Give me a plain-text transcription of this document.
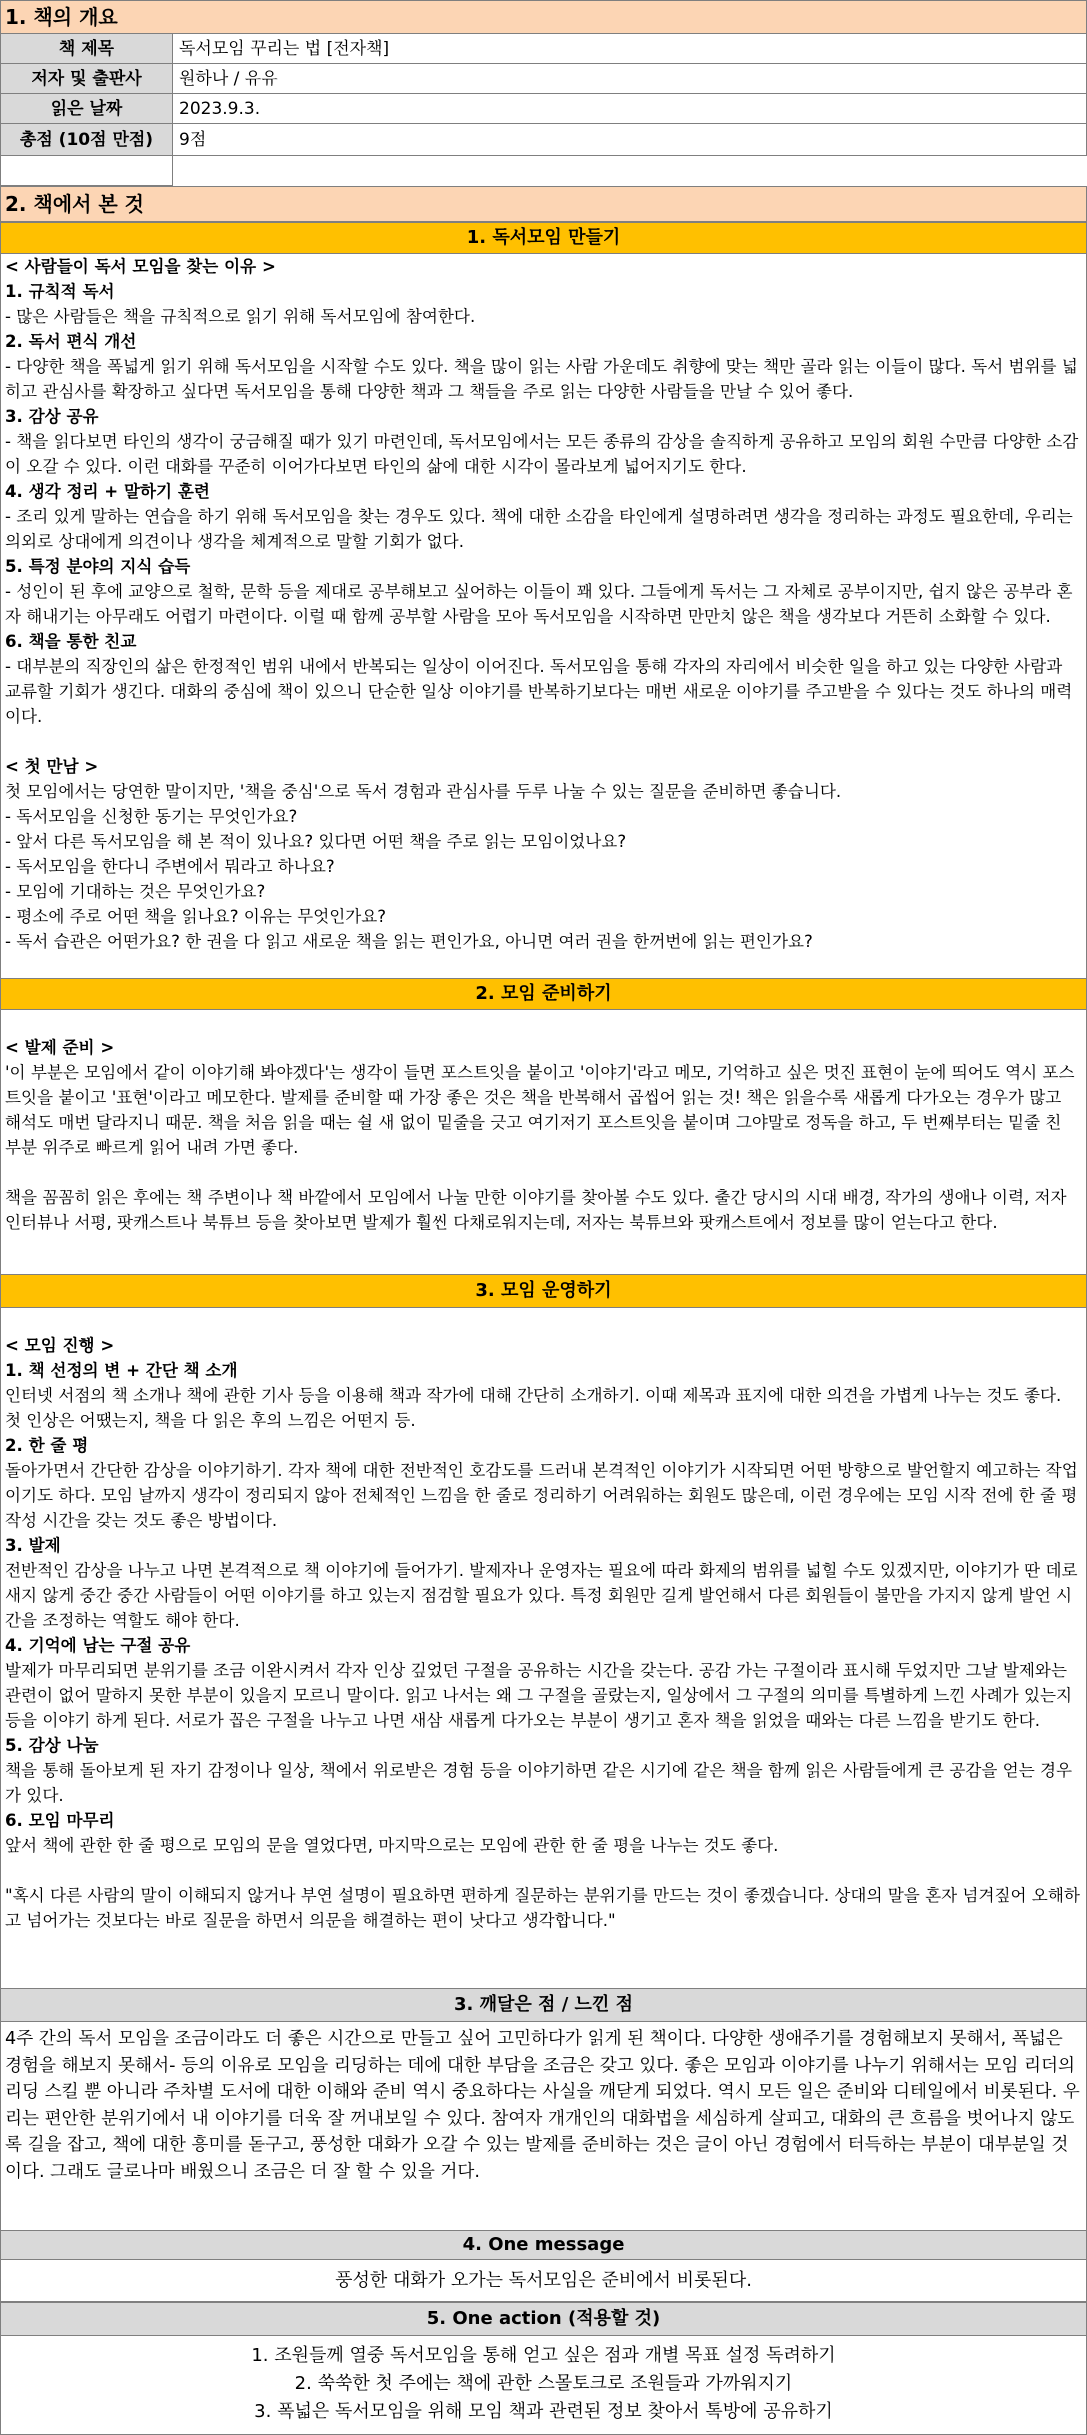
1. 책의 개요
책 제목	독서모임 꾸리는 법 [전자책]
저자 및 출판사	원하나 / 유유
읽은 날짜	2023.9.3.
총점 (10점 만점)	9점
2. 책에서 본 것
1. 독서모임 만들기

< 사람들이 독서 모임을 찾는 이유 >

1. 규칙적 독서

- 많은 사람들은 책을 규칙적으로 읽기 위해 독서모임에 참여한다.

2. 독서 편식 개선

- 다양한 책을 폭넓게 읽기 위해 독서모임을 시작할 수도 있다. 책을 많이 읽는 사람 가운데도 취향에 맞는 책만 골라 읽는 이들이 많다. 독서 범위를 넓히고 관심사를 확장하고 싶다면 독서모임을 통해 다양한 책과 그 책들을 주로 읽는 다양한 사람들을 만날 수 있어 좋다.

3. 감상 공유

- 책을 읽다보면 타인의 생각이 궁금해질 때가 있기 마련인데, 독서모임에서는 모든 종류의 감상을 솔직하게 공유하고 모임의 회원 수만큼 다양한 소감이 오갈 수 있다. 이런 대화를 꾸준히 이어가다보면 타인의 삶에 대한 시각이 몰라보게 넓어지기도 한다.

4. 생각 정리 + 말하기 훈련

- 조리 있게 말하는 연습을 하기 위해 독서모임을 찾는 경우도 있다. 책에 대한 소감을 타인에게 설명하려면 생각을 정리하는 과정도 필요한데, 우리는 의외로 상대에게 의견이나 생각을 체계적으로 말할 기회가 없다.

5. 특정 분야의 지식 습득

- 성인이 된 후에 교양으로 철학, 문학 등을 제대로 공부해보고 싶어하는 이들이 꽤 있다. 그들에게 독서는 그 자체로 공부이지만, 쉽지 않은 공부라 혼자 해내기는 아무래도 어렵기 마련이다. 이럴 때 함께 공부할 사람을 모아 독서모임을 시작하면 만만치 않은 책을 생각보다 거뜬히 소화할 수 있다.

6. 책을 통한 친교

- 대부분의 직장인의 삶은 한정적인 범위 내에서 반복되는 일상이 이어진다. 독서모임을 통해 각자의 자리에서 비슷한 일을 하고 있는 다양한 사람과 교류할 기회가 생긴다. 대화의 중심에 책이 있으니 단순한 일상 이야기를 반복하기보다는 매번 새로운 이야기를 주고받을 수 있다는 것도 하나의 매력이다.

< 첫 만남 >

첫 모임에서는 당연한 말이지만, '책을 중심'으로 독서 경험과 관심사를 두루 나눌 수 있는 질문을 준비하면 좋습니다.

- 독서모임을 신청한 동기는 무엇인가요?

- 앞서 다른 독서모임을 해 본 적이 있나요? 있다면 어떤 책을 주로 읽는 모임이었나요?

- 독서모임을 한다니 주변에서 뭐라고 하나요?

- 모임에 기대하는 것은 무엇인가요?

- 평소에 주로 어떤 책을 읽나요? 이유는 무엇인가요?

- 독서 습관은 어떤가요? 한 권을 다 읽고 새로운 책을 읽는 편인가요, 아니면 여러 권을 한꺼번에 읽는 편인가요?

2. 모임 준비하기

< 발제 준비 >

'이 부분은 모임에서 같이 이야기해 봐야겠다'는 생각이 들면 포스트잇을 붙이고 '이야기'라고 메모, 기억하고 싶은 멋진 표현이 눈에 띄어도 역시 포스트잇을 붙이고 '표현'이라고 메모한다. 발제를 준비할 때 가장 좋은 것은 책을 반복해서 곱씹어 읽는 것! 책은 읽을수록 새롭게 다가오는 경우가 많고 해석도 매번 달라지니 때문. 책을 처음 읽을 때는 쉴 새 없이 밑줄을 긋고 여기저기 포스트잇을 붙이며 그야말로 정독을 하고, 두 번째부터는 밑줄 친 부분 위주로 빠르게 읽어 내려 가면 좋다.

책을 꼼꼼히 읽은 후에는 책 주변이나 책 바깥에서 모임에서 나눌 만한 이야기를 찾아볼 수도 있다. 출간 당시의 시대 배경, 작가의 생애나 이력, 저자 인터뷰나 서평, 팟캐스트나 북튜브 등을 찾아보면 발제가 훨씬 다채로워지는데, 저자는 북튜브와 팟캐스트에서 정보를 많이 얻는다고 한다.

3. 모임 운영하기

< 모임 진행 >

1. 책 선정의 변 + 간단 책 소개

인터넷 서점의 책 소개나 책에 관한 기사 등을 이용해 책과 작가에 대해 간단히 소개하기. 이때 제목과 표지에 대한 의견을 가볍게 나누는 것도 좋다. 첫 인상은 어땠는지, 책을 다 읽은 후의 느낌은 어떤지 등.

2. 한 줄 평

돌아가면서 간단한 감상을 이야기하기. 각자 책에 대한 전반적인 호감도를 드러내 본격적인 이야기가 시작되면 어떤 방향으로 발언할지 예고하는 작업이기도 하다. 모임 날까지 생각이 정리되지 않아 전체적인 느낌을 한 줄로 정리하기 어려워하는 회원도 많은데, 이런 경우에는 모임 시작 전에 한 줄 평 작성 시간을 갖는 것도 좋은 방법이다.

3. 발제

전반적인 감상을 나누고 나면 본격적으로 책 이야기에 들어가기. 발제자나 운영자는 필요에 따라 화제의 범위를 넓힐 수도 있겠지만, 이야기가 딴 데로 새지 않게 중간 중간 사람들이 어떤 이야기를 하고 있는지 점검할 필요가 있다. 특정 회원만 길게 발언해서 다른 회원들이 불만을 가지지 않게 발언 시간을 조정하는 역할도 해야 한다.

4. 기억에 남는 구절 공유

발제가 마무리되면 분위기를 조금 이완시켜서 각자 인상 깊었던 구절을 공유하는 시간을 갖는다. 공감 가는 구절이라 표시해 두었지만 그날 발제와는 관련이 없어 말하지 못한 부분이 있을지 모르니 말이다. 읽고 나서는 왜 그 구절을 골랐는지, 일상에서 그 구절의 의미를 특별하게 느낀 사례가 있는지 등을 이야기 하게 된다. 서로가 꼽은 구절을 나누고 나면 새삼 새롭게 다가오는 부분이 생기고 혼자 책을 읽었을 때와는 다른 느낌을 받기도 한다.

5. 감상 나눔

책을 통해 돌아보게 된 자기 감정이나 일상, 책에서 위로받은 경험 등을 이야기하면 같은 시기에 같은 책을 함께 읽은 사람들에게 큰 공감을 얻는 경우가 있다.

6. 모임 마무리

앞서 책에 관한 한 줄 평으로 모임의 문을 열었다면, 마지막으로는 모임에 관한 한 줄 평을 나누는 것도 좋다.

"혹시 다른 사람의 말이 이해되지 않거나 부연 설명이 필요하면 편하게 질문하는 분위기를 만드는 것이 좋겠습니다. 상대의 말을 혼자 넘겨짚어 오해하고 넘어가는 것보다는 바로 질문을 하면서 의문을 해결하는 편이 낫다고 생각합니다."

3. 깨달은 점 / 느낀 점

4주 간의 독서 모임을 조금이라도 더 좋은 시간으로 만들고 싶어 고민하다가 읽게 된 책이다. 다양한 생애주기를 경험해보지 못해서, 폭넓은 경험을 해보지 못해서- 등의 이유로 모임을 리딩하는 데에 대한 부담을 조금은 갖고 있다. 좋은 모임과 이야기를 나누기 위해서는 모임 리더의 리딩 스킬 뿐 아니라 주차별 도서에 대한 이해와 준비 역시 중요하다는 사실을 깨닫게 되었다. 역시 모든 일은 준비와 디테일에서 비롯된다. 우리는 편안한 분위기에서 내 이야기를 더욱 잘 꺼내보일 수 있다. 참여자 개개인의 대화법을 세심하게 살피고, 대화의 큰 흐름을 벗어나지 않도록 길을 잡고, 책에 대한 흥미를 돋구고, 풍성한 대화가 오갈 수 있는 발제를 준비하는 것은 글이 아닌 경험에서 터득하는 부분이 대부분일 것이다. 그래도 글로나마 배웠으니 조금은 더 잘 할 수 있을 거다.

4. One message
풍성한 대화가 오가는 독서모임은 준비에서 비롯된다.
5. One action (적용할 것)
1. 조원들께 열중 독서모임을 통해 얻고 싶은 점과 개별 목표 설정 독려하기
2. 쑥쑥한 첫 주에는 책에 관한 스몰토크로 조원들과 가까워지기
3. 폭넓은 독서모임을 위해 모임 책과 관련된 정보 찾아서 톡방에 공유하기
